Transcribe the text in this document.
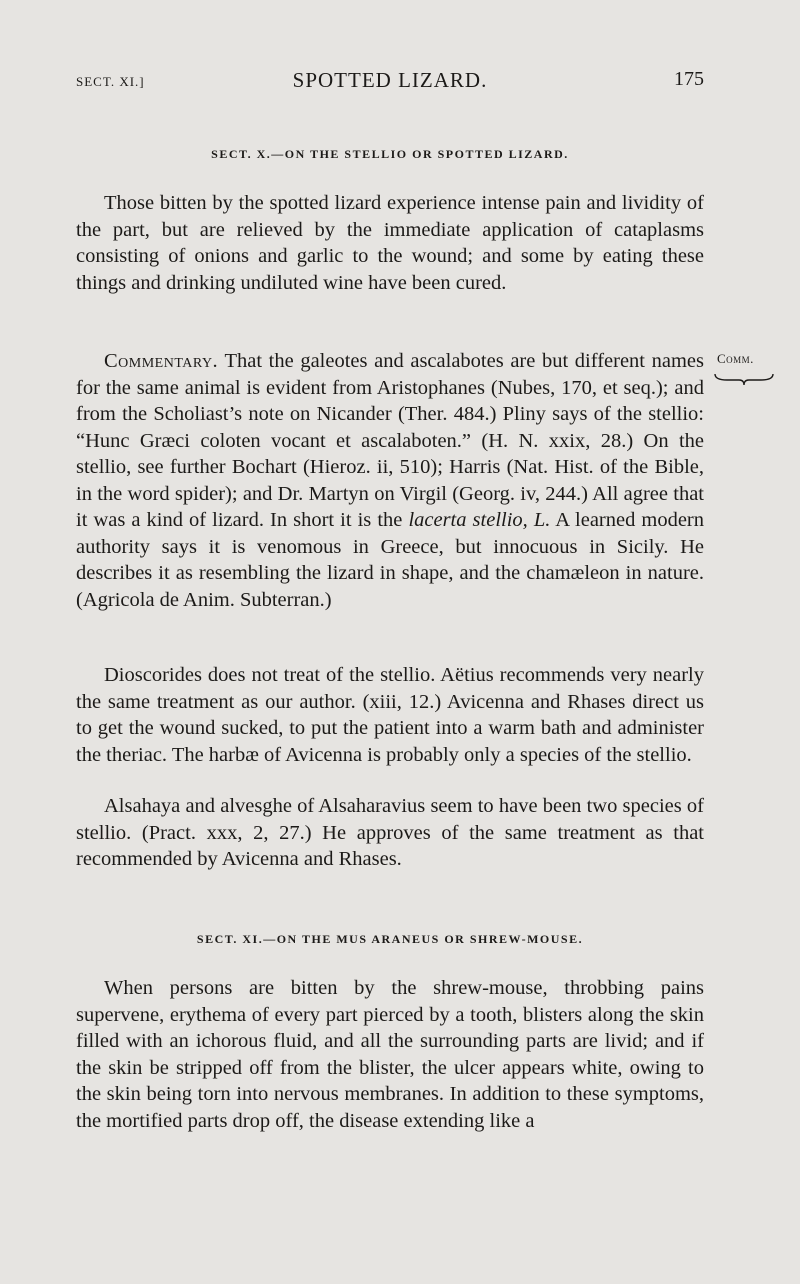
SECT. XI.]	SPOTTED LIZARD.	175
SECT. X.—ON THE STELLIO OR SPOTTED LIZARD.

Those bitten by the spotted lizard experience intense pain and lividity of the part, but are relieved by the immediate application of cataplasms consisting of onions and garlic to the wound; and some by eating these things and drinking undiluted wine have been cured.

Commentary. That the galeotes and ascalabotes are but different names for the same animal is evident from Aristophanes (Nubes, 170, et seq.); and from the Scholiast’s note on Nicander (Ther. 484.) Pliny says of the stellio: “Hunc Græci coloten vocant et ascalaboten.” (H. N. xxix, 28.) On the stellio, see further Bochart (Hieroz. ii, 510); Harris (Nat. Hist. of the Bible, in the word spider); and Dr. Martyn on Virgil (Georg. iv, 244.) All agree that it was a kind of lizard. In short it is the lacerta stellio, L. A learned modern authority says it is venomous in Greece, but innocuous in Sicily. He describes it as resembling the lizard in shape, and the chamæleon in nature. (Agricola de Anim. Subterran.)

Comm.

Dioscorides does not treat of the stellio. Aëtius recommends very nearly the same treatment as our author. (xiii, 12.) Avicenna and Rhases direct us to get the wound sucked, to put the patient into a warm bath and administer the theriac. The harbæ of Avicenna is probably only a species of the stellio.

Alsahaya and alvesghe of Alsaharavius seem to have been two species of stellio. (Pract. xxx, 2, 27.) He approves of the same treatment as that recommended by Avicenna and Rhases.

SECT. XI.—ON THE MUS ARANEUS OR SHREW-MOUSE.

When persons are bitten by the shrew-mouse, throbbing pains supervene, erythema of every part pierced by a tooth, blisters along the skin filled with an ichorous fluid, and all the surrounding parts are livid; and if the skin be stripped off from the blister, the ulcer appears white, owing to the skin being torn into nervous membranes. In addition to these symptoms, the mortified parts drop off, the disease extending like a
